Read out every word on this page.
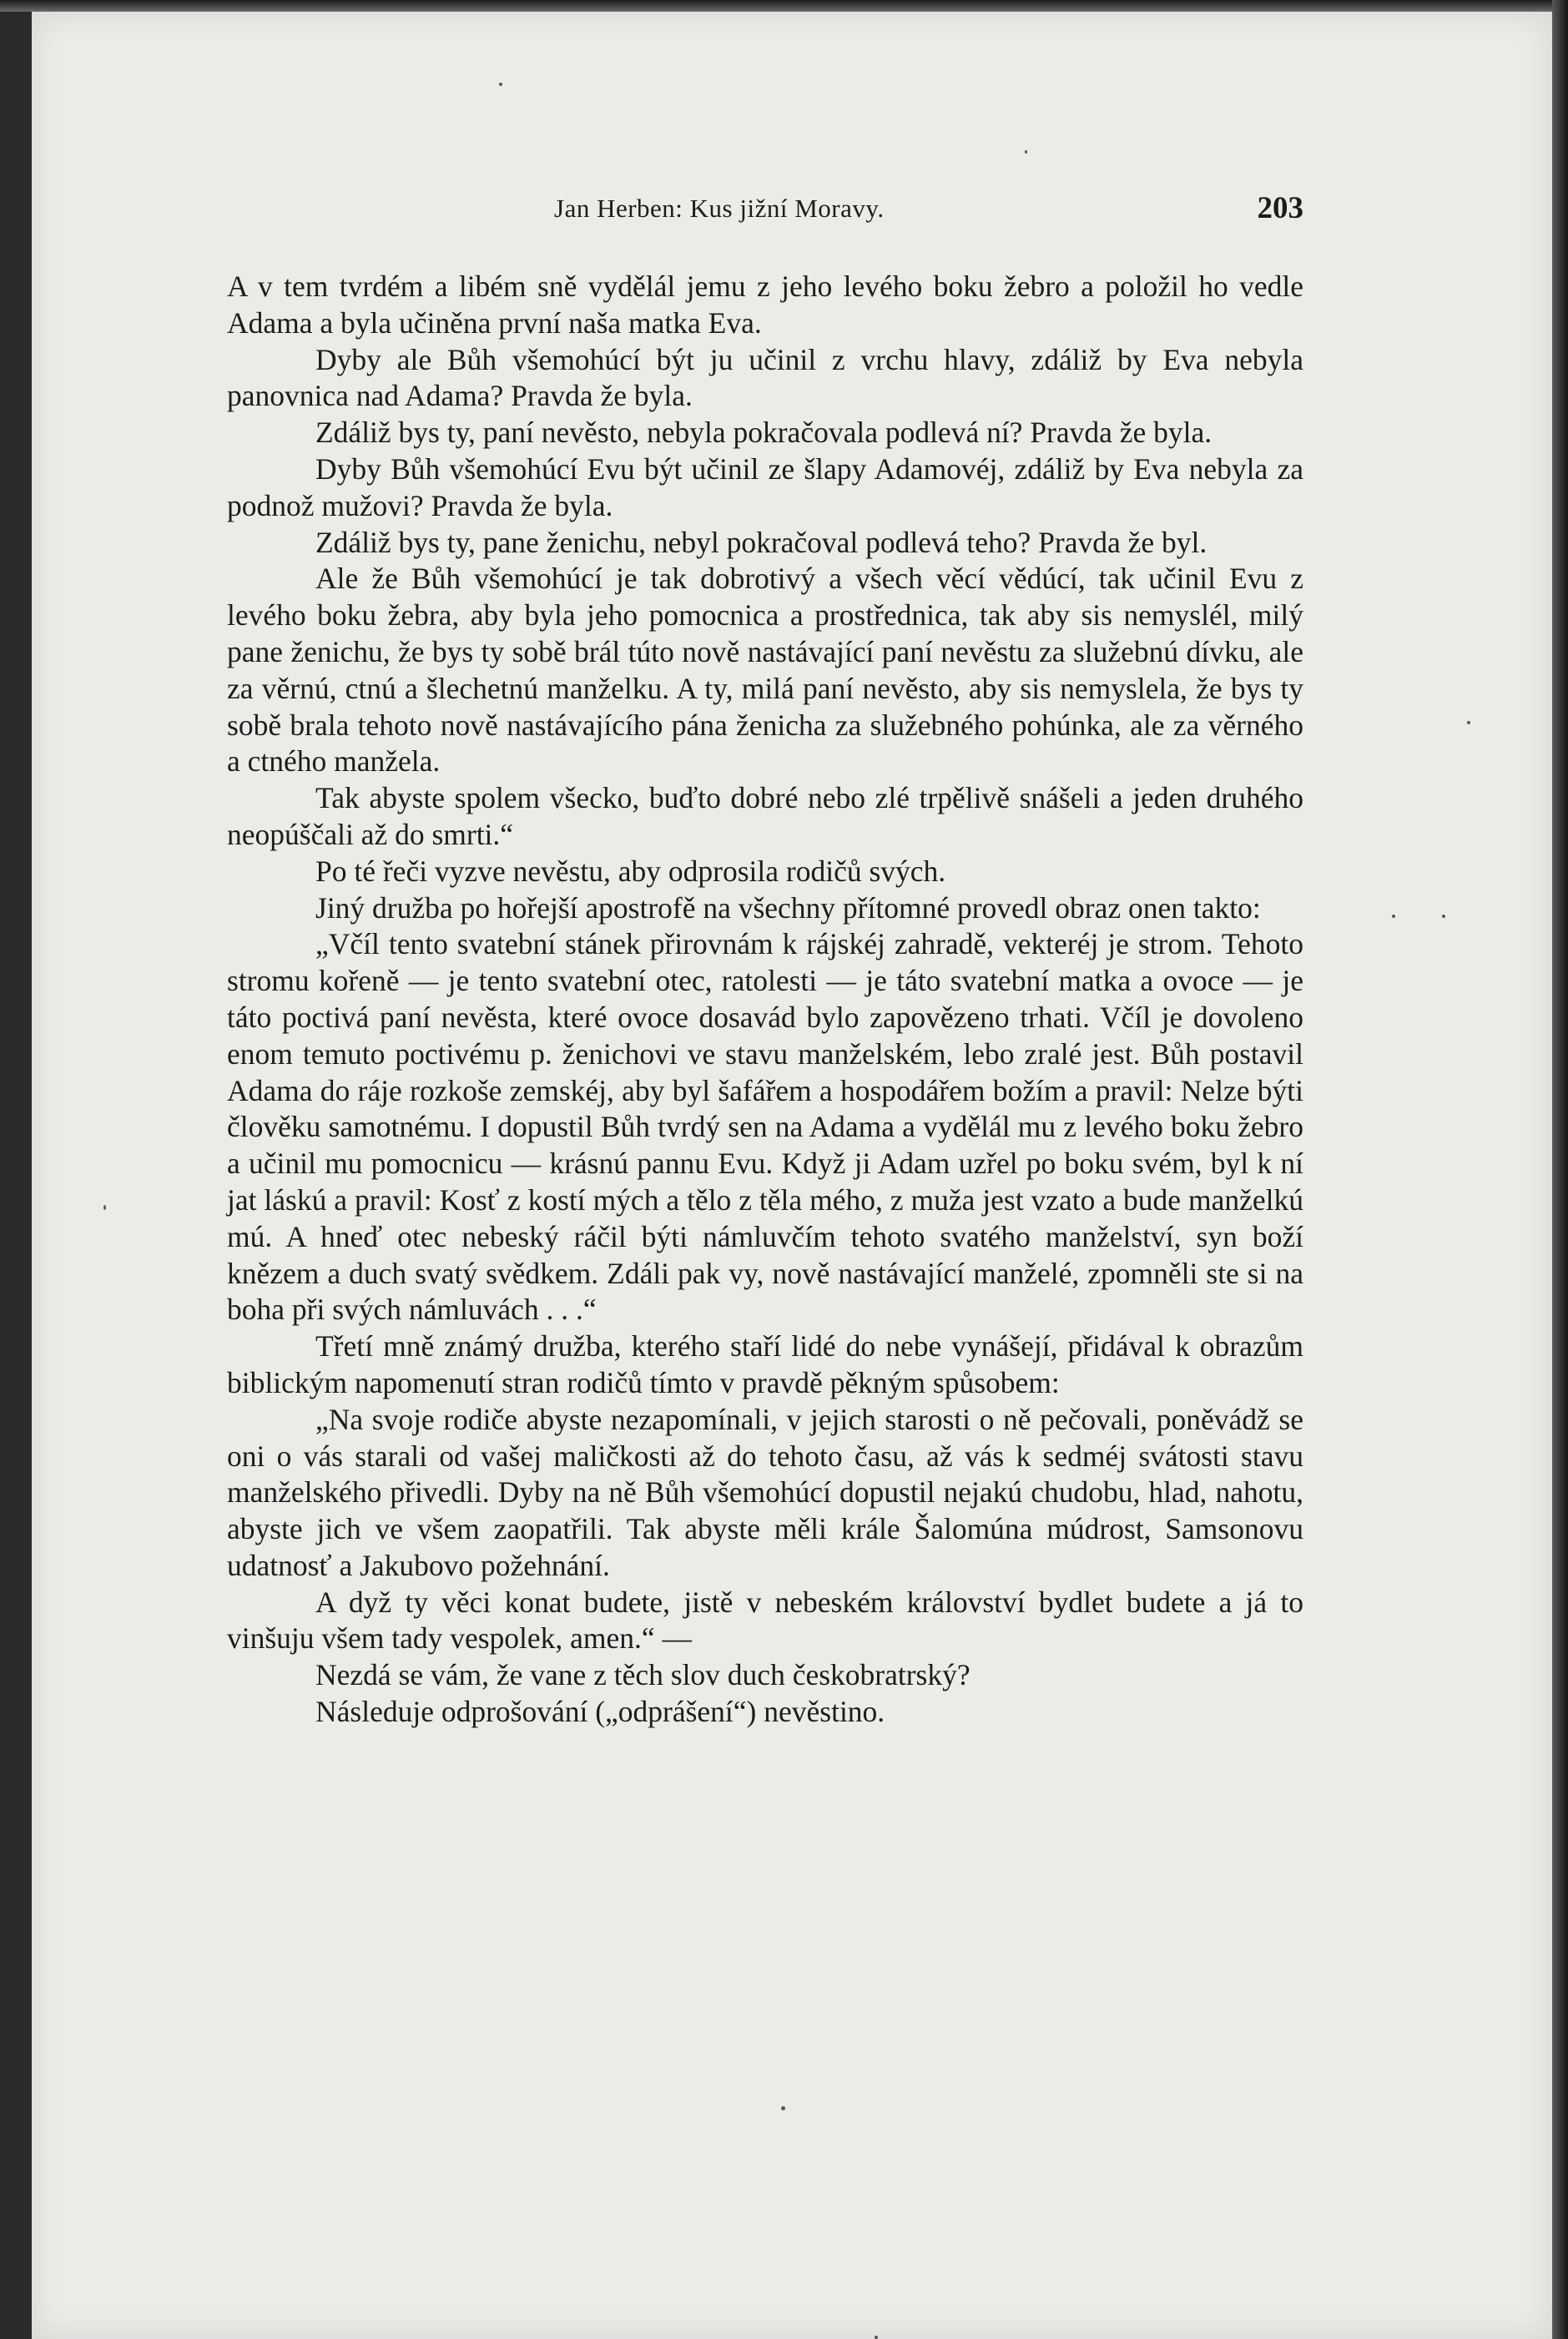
Jan Herben: Kus jižní Moravy.	203

A v tem tvrdém a libém sně vydělál jemu z jeho levého boku žebro a položil ho vedle Adama a byla učiněna první naša matka Eva.

Dyby ale Bůh všemohúcí být ju učinil z vrchu hlavy, zdáliž by Eva nebyla panovnica nad Adama? Pravda že byla.

Zdáliž bys ty, paní nevěsto, nebyla pokračovala podlevá ní? Pravda že byla.

Dyby Bůh všemohúcí Evu být učinil ze šlapy Adamovéj, zdáliž by Eva nebyla za podnož mužovi? Pravda že byla.

Zdáliž bys ty, pane ženichu, nebyl pokračoval podlevá teho? Pravda že byl.

Ale že Bůh všemohúcí je tak dobrotivý a všech věcí vědúcí, tak učinil Evu z levého boku žebra, aby byla jeho pomocnica a prostřednica, tak aby sis nemyslél, milý pane ženichu, že bys ty sobě brál túto nově nastávající paní nevěstu za služebnú dívku, ale za věrnú, ctnú a šlechetnú manželku. A ty, milá paní nevěsto, aby sis nemyslela, že bys ty sobě brala tehoto nově nastávajícího pána ženicha za služebného pohúnka, ale za věrného a ctného manžela.

Tak abyste spolem všecko, buďto dobré nebo zlé trpělivě snášeli a jeden druhého neopúščali až do smrti.“

Po té řeči vyzve nevěstu, aby odprosila rodičů svých.

Jiný družba po hořejší apostrofě na všechny přítomné provedl obraz onen takto:

„Včíl tento svatební stánek přirovnám k rájskéj zahradě, vekteréj je strom. Tehoto stromu kořeně — je tento svatební otec, ratolesti — je táto svatební matka a ovoce — je táto poctivá paní nevěsta, které ovoce dosavád bylo zapovězeno trhati. Včíl je dovoleno enom temuto poctivému p. ženichovi ve stavu manželském, lebo zralé jest. Bůh postavil Adama do ráje rozkoše zemskéj, aby byl šafářem a hospodářem božím a pravil: Nelze býti člověku samotnému. I dopustil Bůh tvrdý sen na Adama a vydělál mu z levého boku žebro a učinil mu pomocnicu — krásnú pannu Evu. Když ji Adam uzřel po boku svém, byl k ní jat láskú a pravil: Kosť z kostí mých a tělo z těla mého, z muža jest vzato a bude manželkú mú. A hneď otec nebeský ráčil býti námluvčím tehoto svatého manželství, syn boží knězem a duch svatý svědkem. Zdáli pak vy, nově nastávající manželé, zpomněli ste si na boha při svých námluvách . . .“

Třetí mně známý družba, kterého staří lidé do nebe vynášejí, přidával k obrazům biblickým napomenutí stran rodičů tímto v pravdě pěkným spůsobem:

„Na svoje rodiče abyste nezapomínali, v jejich starosti o ně pečovali, poněvádž se oni o vás starali od vašej maličkosti až do tehoto času, až vás k sedméj svátosti stavu manželského přivedli. Dyby na ně Bůh všemohúcí dopustil nejakú chudobu, hlad, nahotu, abyste jich ve všem zaopatřili. Tak abyste měli krále Šalomúna múdrost, Samsonovu udatnosť a Jakubovo požehnání.

A dyž ty věci konat budete, jistě v nebeském království bydlet budete a já to vinšuju všem tady vespolek, amen.“ —

Nezdá se vám, že vane z těch slov duch českobratrský?

Následuje odprošování („odprášení“) nevěstino.
